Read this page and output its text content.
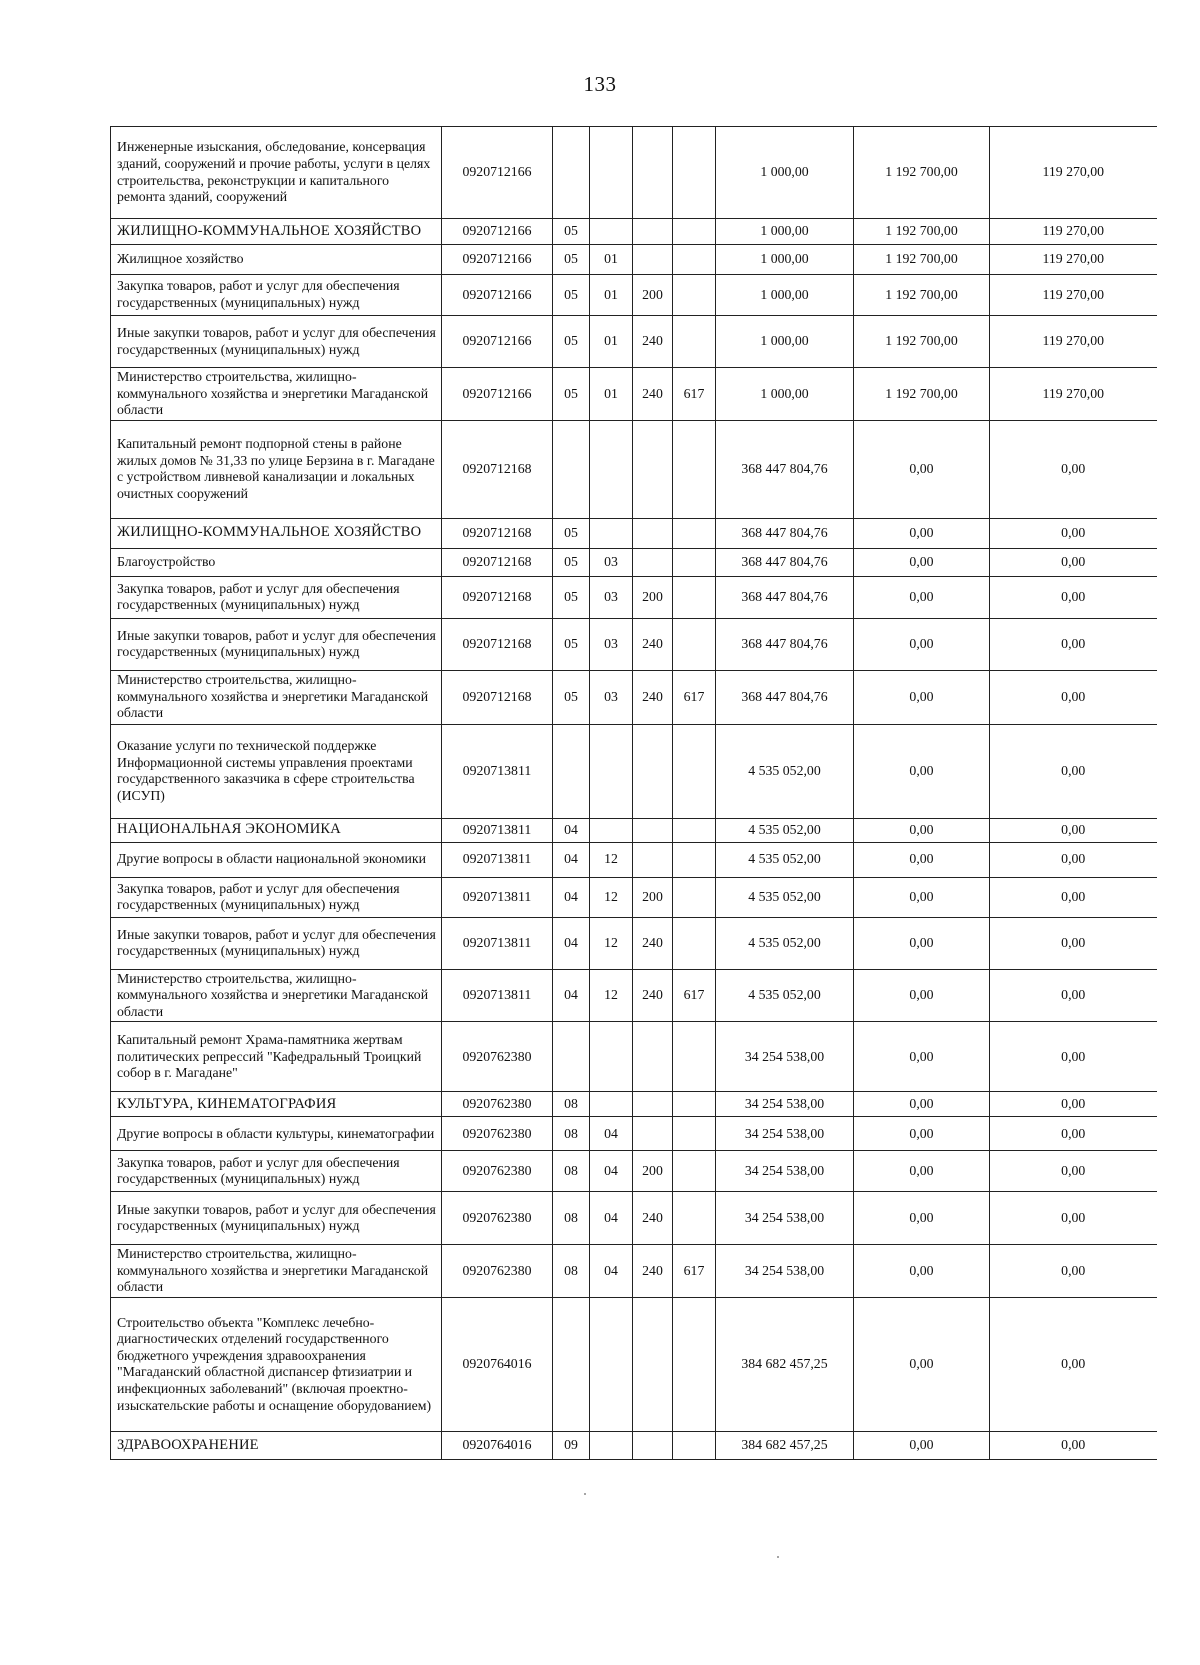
133
Инженерные изыскания, обследование, консервация зданий, сооружений и прочие работы, услуги в целях строительства, реконструкции и капитального ремонта зданий, сооружений	0920712166					1 000,00	1 192 700,00	119 270,00
ЖИЛИЩНО-КОММУНАЛЬНОЕ ХОЗЯЙСТВО	0920712166	05				1 000,00	1 192 700,00	119 270,00
Жилищное хозяйство	0920712166	05	01			1 000,00	1 192 700,00	119 270,00
Закупка товаров, работ и услуг для обеспечения государственных (муниципальных) нужд	0920712166	05	01	200		1 000,00	1 192 700,00	119 270,00
Иные закупки товаров, работ и услуг для обеспечения государственных (муниципальных) нужд	0920712166	05	01	240		1 000,00	1 192 700,00	119 270,00
Министерство строительства, жилищно-коммунального хозяйства и энергетики Магаданской области	0920712166	05	01	240	617	1 000,00	1 192 700,00	119 270,00
Капитальный ремонт подпорной стены в районе жилых домов № 31,33 по улице Берзина в г. Магадане с устройством ливневой канализации и локальных очистных сооружений	0920712168					368 447 804,76	0,00	0,00
ЖИЛИЩНО-КОММУНАЛЬНОЕ ХОЗЯЙСТВО	0920712168	05				368 447 804,76	0,00	0,00
Благоустройство	0920712168	05	03			368 447 804,76	0,00	0,00
Закупка товаров, работ и услуг для обеспечения государственных (муниципальных) нужд	0920712168	05	03	200		368 447 804,76	0,00	0,00
Иные закупки товаров, работ и услуг для обеспечения государственных (муниципальных) нужд	0920712168	05	03	240		368 447 804,76	0,00	0,00
Министерство строительства, жилищно-коммунального хозяйства и энергетики Магаданской области	0920712168	05	03	240	617	368 447 804,76	0,00	0,00
Оказание услуги по технической поддержке Информационной системы управления проектами государственного заказчика в сфере строительства (ИСУП)	0920713811					4 535 052,00	0,00	0,00
НАЦИОНАЛЬНАЯ ЭКОНОМИКА	0920713811	04				4 535 052,00	0,00	0,00
Другие вопросы в области национальной экономики	0920713811	04	12			4 535 052,00	0,00	0,00
Закупка товаров, работ и услуг для обеспечения государственных (муниципальных) нужд	0920713811	04	12	200		4 535 052,00	0,00	0,00
Иные закупки товаров, работ и услуг для обеспечения государственных (муниципальных) нужд	0920713811	04	12	240		4 535 052,00	0,00	0,00
Министерство строительства, жилищно-коммунального хозяйства и энергетики Магаданской области	0920713811	04	12	240	617	4 535 052,00	0,00	0,00
Капитальный ремонт Храма-памятника жертвам политических репрессий "Кафедральный Троицкий собор в г. Магадане"	0920762380					34 254 538,00	0,00	0,00
КУЛЬТУРА, КИНЕМАТОГРАФИЯ	0920762380	08				34 254 538,00	0,00	0,00
Другие вопросы в области культуры, кинематографии	0920762380	08	04			34 254 538,00	0,00	0,00
Закупка товаров, работ и услуг для обеспечения государственных (муниципальных) нужд	0920762380	08	04	200		34 254 538,00	0,00	0,00
Иные закупки товаров, работ и услуг для обеспечения государственных (муниципальных) нужд	0920762380	08	04	240		34 254 538,00	0,00	0,00
Министерство строительства, жилищно-коммунального хозяйства и энергетики Магаданской области	0920762380	08	04	240	617	34 254 538,00	0,00	0,00
Строительство объекта "Комплекс лечебно-диагностических отделений государственного бюджетного учреждения здравоохранения "Магаданский областной диспансер фтизиатрии и инфекционных заболеваний" (включая проектно-изыскательские работы и оснащение оборудованием)	0920764016					384 682 457,25	0,00	0,00
ЗДРАВООХРАНЕНИЕ	0920764016	09				384 682 457,25	0,00	0,00
